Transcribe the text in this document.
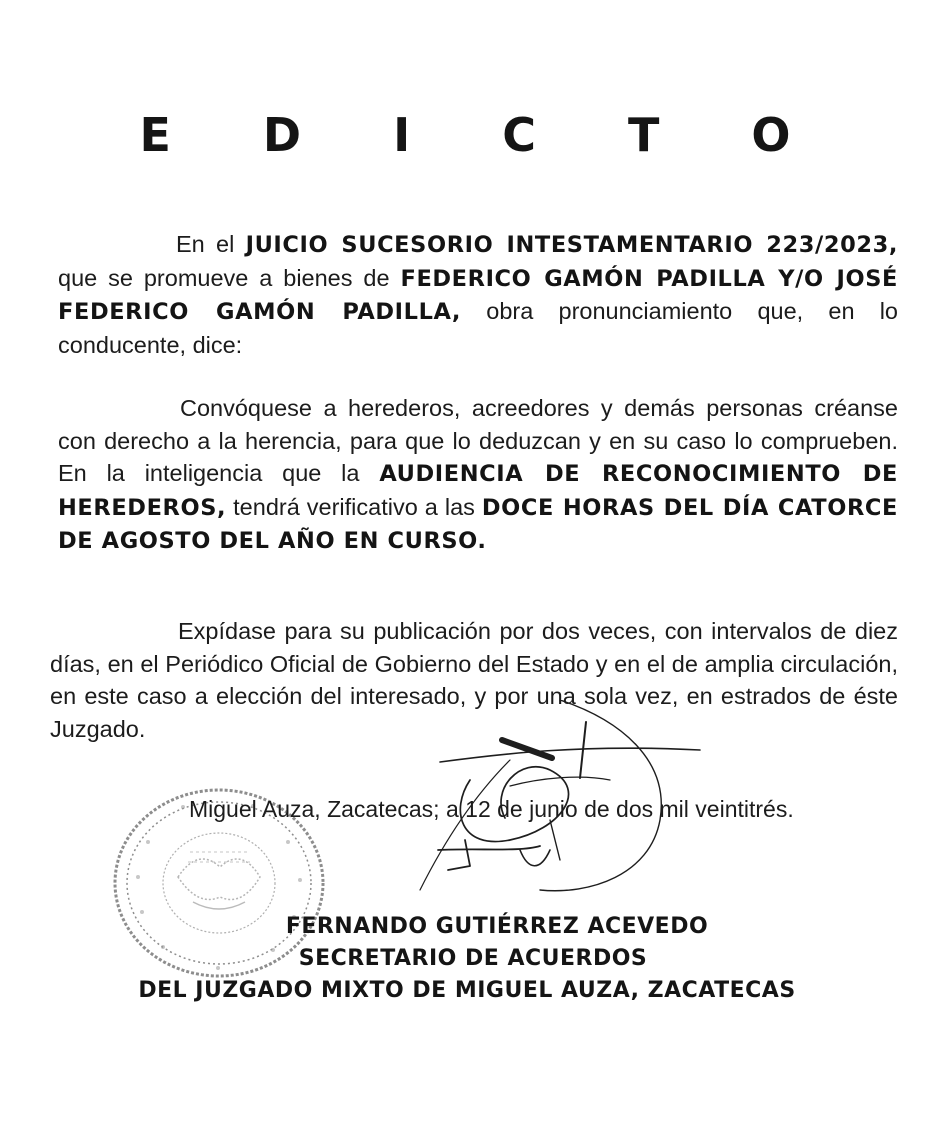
E D I C T O
En el JUICIO SUCESORIO INTESTAMENTARIO 223/2023, que se promueve a bienes de FEDERICO GAMÓN PADILLA Y/O JOSÉ FEDERICO GAMÓN PADILLA, obra pronunciamiento que, en lo conducente, dice:
Convóquese a herederos, acreedores y demás personas créanse con derecho a la herencia, para que lo deduzcan y en su caso lo comprueben. En la inteligencia que la AUDIENCIA DE RECONOCIMIENTO DE HEREDEROS, tendrá verificativo a las DOCE HORAS DEL DÍA CATORCE DE AGOSTO DEL AÑO EN CURSO.
Expídase para su publicación por dos veces, con intervalos de diez días, en el Periódico Oficial de Gobierno del Estado y en el de amplia circulación, en este caso a elección del interesado, y por una sola vez, en estrados de éste Juzgado.
Miguel Auza, Zacatecas; a 12 de junio de dos mil veintitrés.
FERNANDO GUTIÉRREZ ACEVEDO
SECRETARIO DE ACUERDOS
DEL JUZGADO MIXTO DE MIGUEL AUZA, ZACATECAS
